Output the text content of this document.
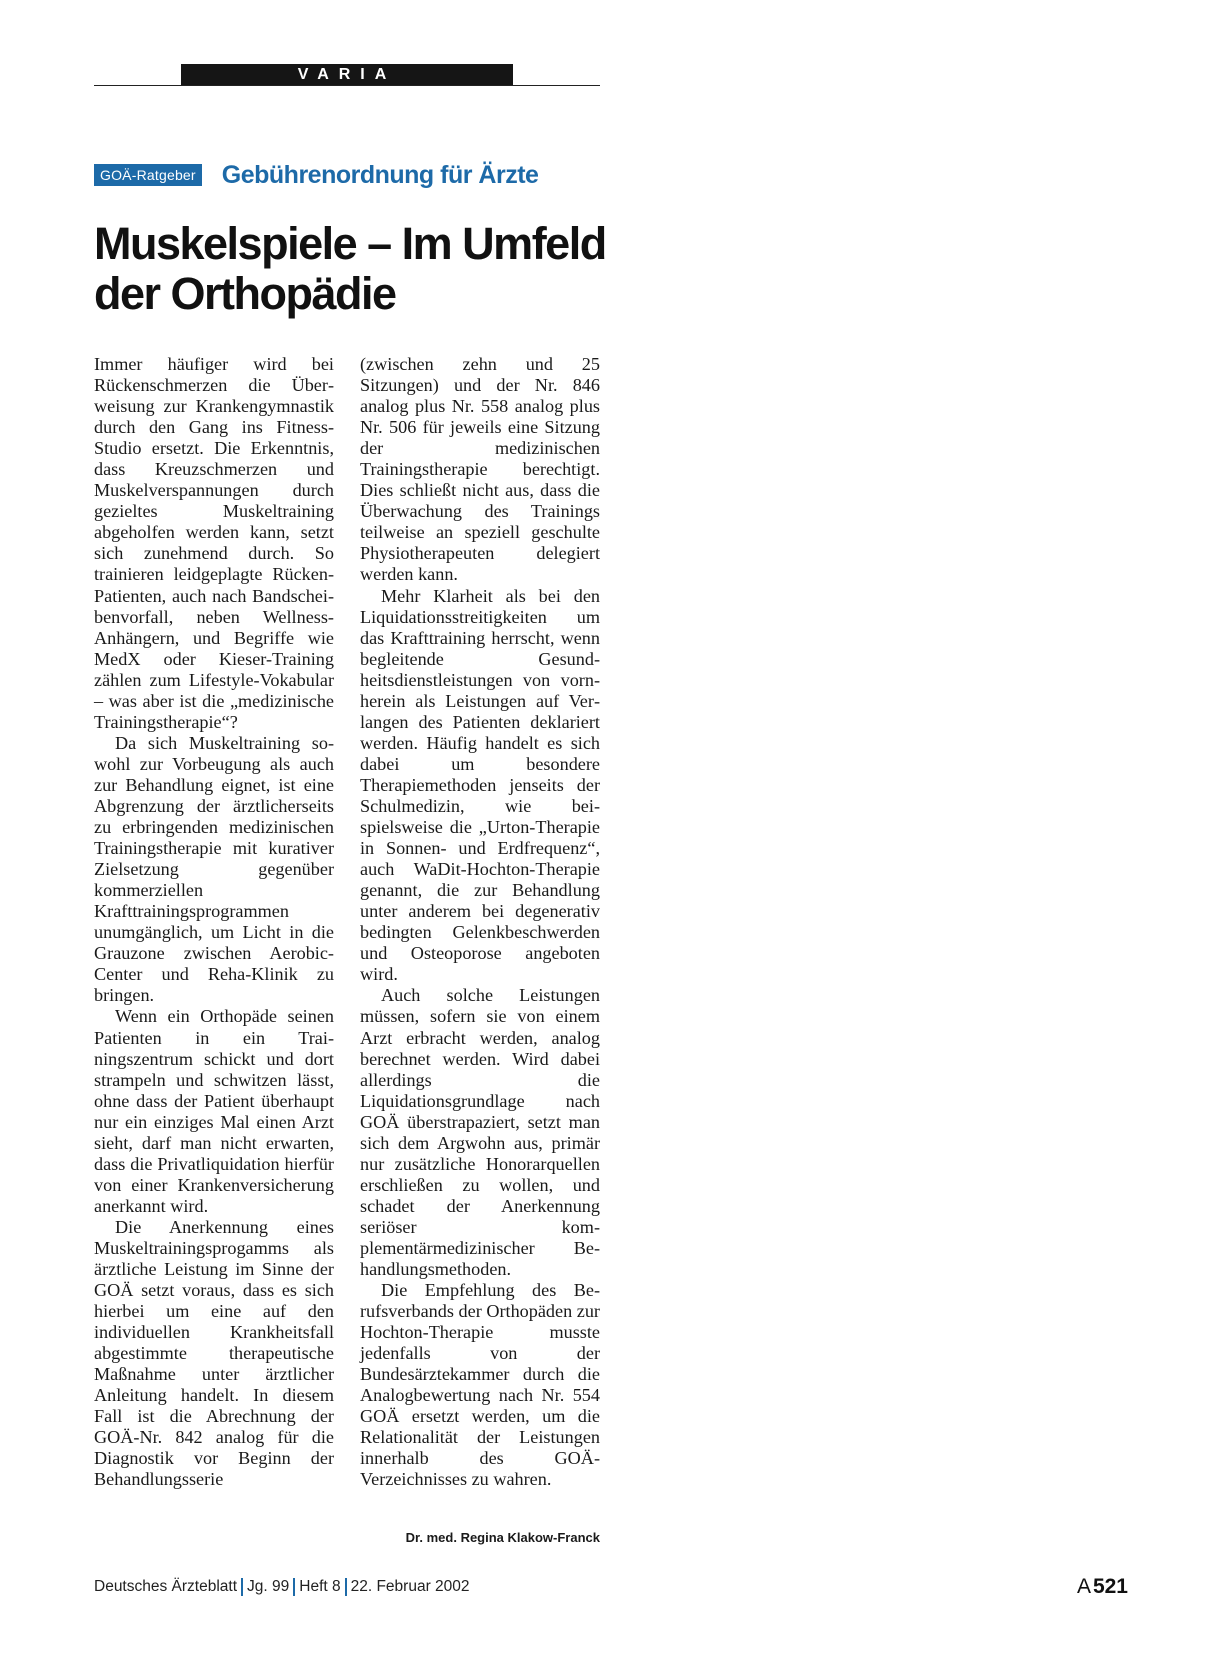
VARIA
GOÄ-Ratgeber Gebührenordnung für Ärzte
Muskelspiele – Im Umfeld
der Orthopädie

Immer häufiger wird bei Rückenschmerzen die Überweisung zur Krankengymnastik durch den Gang ins Fitness-Studio ersetzt. Die Erkenntnis, dass Kreuzschmerzen und Muskelverspannungen durch gezieltes Muskeltraining abgeholfen werden kann, setzt sich zunehmend durch. So trainieren leidgeplagte Rücken-Patienten, auch nach Bandscheibenvorfall, neben Wellness-Anhängern, und Begriffe wie MedX oder Kieser-Training zählen zum Lifestyle-Vokabular – was aber ist die „medizinische Trainingstherapie“?

Da sich Muskeltraining sowohl zur Vorbeugung als auch zur Behandlung eignet, ist eine Abgrenzung der ärztlicherseits zu erbringenden medizinischen Trainingstherapie mit kurativer Zielsetzung gegenüber kommerziellen Krafttrainingsprogrammen unumgänglich, um Licht in die Grauzone zwischen Aerobic-Center und Reha-Klinik zu bringen.

Wenn ein Orthopäde seinen Patienten in ein Trainingszentrum schickt und dort strampeln und schwitzen lässt, ohne dass der Patient überhaupt nur ein einziges Mal einen Arzt sieht, darf man nicht erwarten, dass die Privatliquidation hierfür von einer Krankenversicherung anerkannt wird.

Die Anerkennung eines Muskeltrainingsprogamms als ärztliche Leistung im Sinne der GOÄ setzt voraus, dass es sich hierbei um eine auf den individuellen Krankheitsfall abgestimmte therapeutische Maßnahme unter ärztlicher Anleitung handelt. In diesem Fall ist die Abrechnung der GOÄ-Nr. 842 analog für die Diagnostik vor Beginn der Behandlungsserie

(zwischen zehn und 25 Sitzungen) und der Nr. 846 analog plus Nr. 558 analog plus Nr. 506 für jeweils eine Sitzung der medizinischen Trainingstherapie berechtigt. Dies schließt nicht aus, dass die Überwachung des Trainings teilweise an speziell geschulte Physiotherapeuten delegiert werden kann.

Mehr Klarheit als bei den Liquidationsstreitigkeiten um das Krafttraining herrscht, wenn begleitende Gesundheitsdienstleistungen von vornherein als Leistungen auf Verlangen des Patienten deklariert werden. Häufig handelt es sich dabei um besondere Therapiemethoden jenseits der Schulmedizin, wie beispielsweise die „Urton-Therapie in Sonnen- und Erdfrequenz“, auch WaDit-Hochton-Therapie genannt, die zur Behandlung unter anderem bei degenerativ bedingten Gelenkbeschwerden und Osteoporose angeboten wird.

Auch solche Leistungen müssen, sofern sie von einem Arzt erbracht werden, analog berechnet werden. Wird dabei allerdings die Liquidationsgrundlage nach GOÄ überstrapaziert, setzt man sich dem Argwohn aus, primär nur zusätzliche Honorarquellen erschließen zu wollen, und schadet der Anerkennung seriöser komplementärmedizinischer Behandlungsmethoden.

Die Empfehlung des Berufsverbands der Orthopäden zur Hochton-Therapie musste jedenfalls von der Bundesärztekammer durch die Analogbewertung nach Nr. 554 GOÄ ersetzt werden, um die Relationalität der Leistungen innerhalb des GOÄ-Verzeichnisses zu wahren.

Dr. med. Regina Klakow-Franck
Deutsches Ärzteblatt Jg. 99 Heft 8 22. Februar 2002	A521
